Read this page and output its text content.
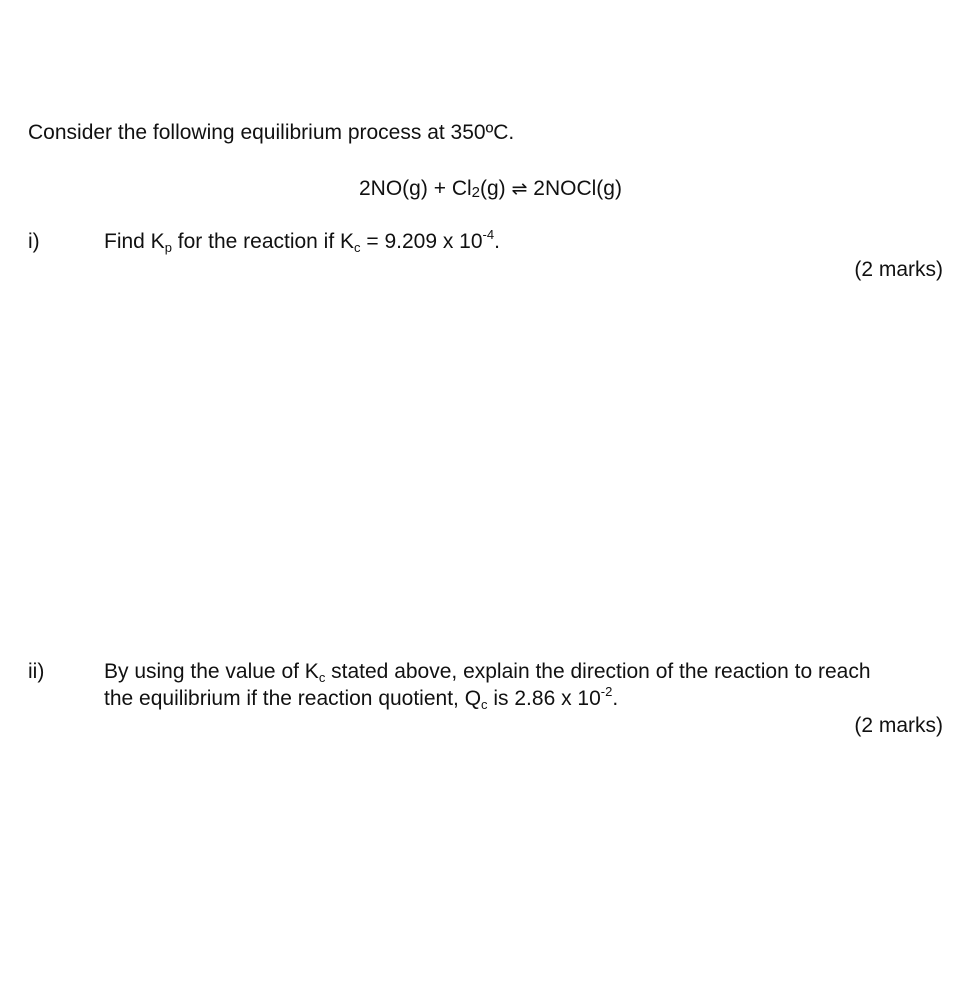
Consider the following equilibrium process at 350ºC.
$2NO(g) + Cl_2(g)$ ⇌ 2NOCl(g)
i)	Find $K_p$ for the reaction if $K_c = 9.209$ x $10^{-4}$.
(2 marks)
ii)	By using the value of $K_c$ stated above, explain the direction of the reaction to reach
the equilibrium if the reaction quotient, $Q_c$ is 2.86 x $10^{-2}$.
(2 marks)
